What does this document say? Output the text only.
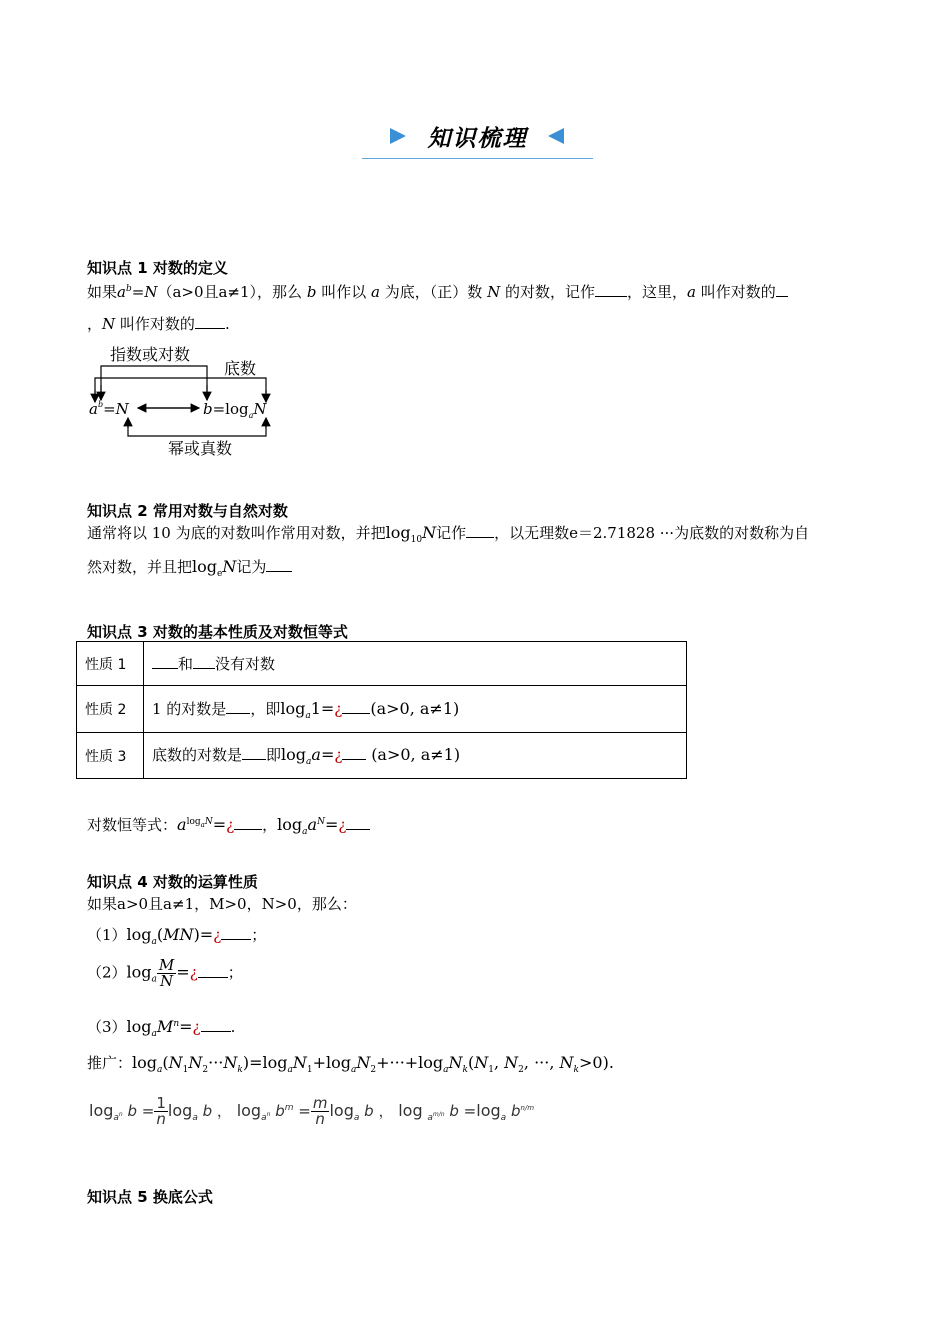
知识梳理
知识点 1 对数的定义
如果$a^b=N(a>0$且a≠1），那么 b 叫作以 a 为底，（正）数 N 的对数，记作 ，这里，a 叫作对数的
，N 叫作对数的 .
指数或对数
底数
幂或真数
$a^b=N$	$b=\log_aN$
知识点 2 常用对数与自然对数
通常将以 10 为底的对数叫作常用对数，并把$\log_{10}N$记作 ，以无理数e＝2.71828 ···为底数的对数称为自
然对数，并且把$\log_eN$记为
知识点 3 对数的基本性质及对数恒等式
性质 1	和 没有对数
性质 2	1 的对数是 ，即$\log_a1=¿$ (a>0, a≠1)
性质 3	底数的对数是 即$\log_aa=¿$ (a>0, a≠1)
对数恒等式：$a^{log_aN}=¿$ ，$\log_aa^N=¿$
知识点 4 对数的运算性质
如果a>0且a≠1，M>0，N>0，那么：
$(1)\log_a(MN)=¿$ ；
$(2)\log_a \frac{M}{N}$ =¿ ；
$(3)\log_aM^n=¿$ .
推广：$\log_a(N_1N_2\cdot\cdot\cdot N_k)=\log_aN_1+\log_aN_2+\cdot\cdot\cdot+\log_aN_k(N_1$, $N_2$, ···, $N_k>0$).
$\log_{a^n} b = \frac{1}{n} \log_a b$ ， $\log_{a^n} b^m = \frac{m}{n} \log_a b$ ， log $_{a^{m/n}}$ $b =\log_a$ $b^{n/m}$
知识点 5 换底公式
